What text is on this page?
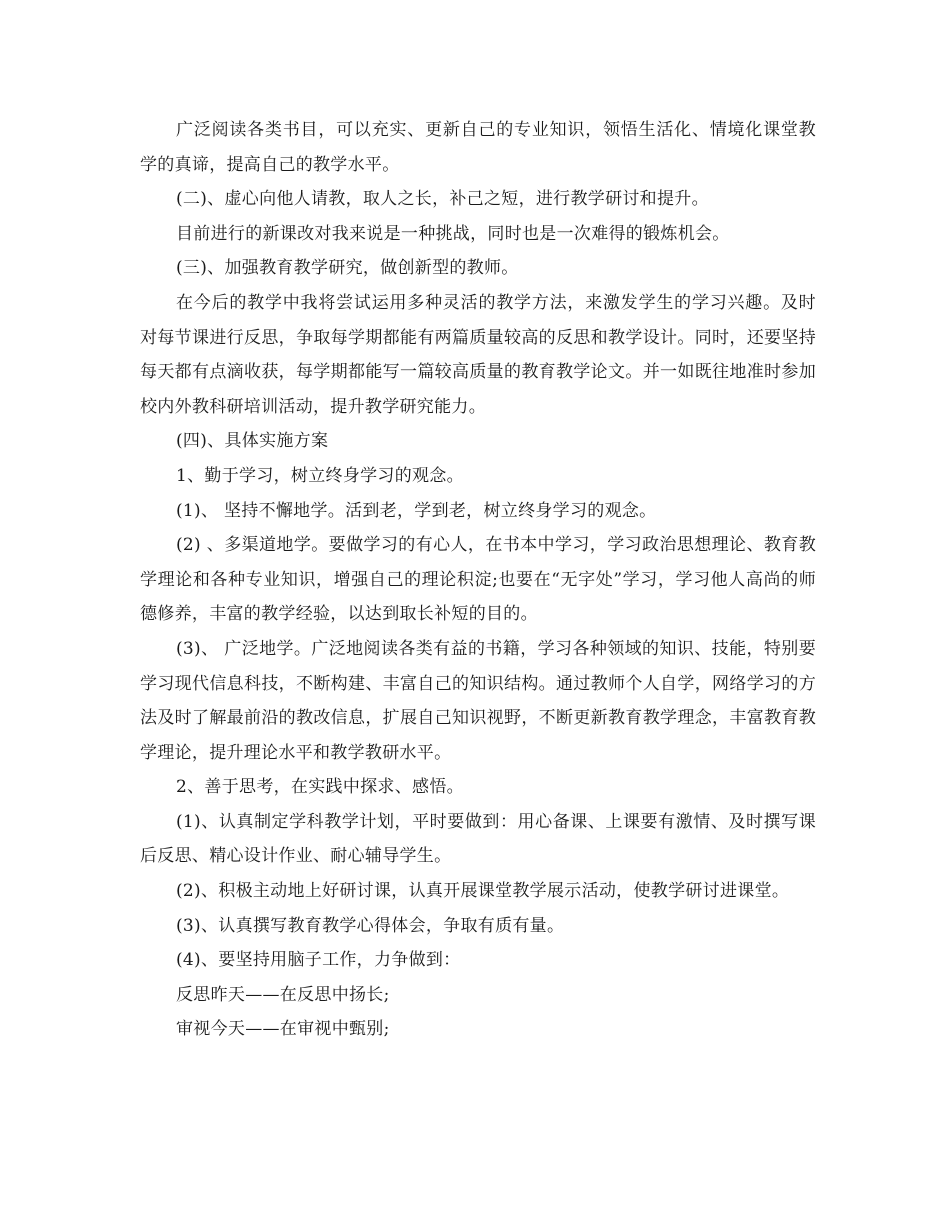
广泛阅读各类书目，可以充实、更新自己的专业知识，领悟生活化、情境化课堂教学的真谛，提高自己的教学水平。

(二)、虚心向他人请教，取人之长，补己之短，进行教学研讨和提升。

目前进行的新课改对我来说是一种挑战，同时也是一次难得的锻炼机会。

(三)、加强教育教学研究，做创新型的教师。

在今后的教学中我将尝试运用多种灵活的教学方法，来激发学生的学习兴趣。及时对每节课进行反思，争取每学期都能有两篇质量较高的反思和教学设计。同时，还要坚持每天都有点滴收获，每学期都能写一篇较高质量的教育教学论文。并一如既往地准时参加校内外教科研培训活动，提升教学研究能力。

(四)、具体实施方案

1、勤于学习，树立终身学习的观念。

(1)、 坚持不懈地学。活到老，学到老，树立终身学习的观念。

(2) 、多渠道地学。要做学习的有心人，在书本中学习，学习政治思想理论、教育教学理论和各种专业知识，增强自己的理论积淀;也要在“无字处”学习，学习他人高尚的师德修养，丰富的教学经验，以达到取长补短的目的。

(3)、 广泛地学。广泛地阅读各类有益的书籍，学习各种领域的知识、技能，特别要学习现代信息科技，不断构建、丰富自己的知识结构。通过教师个人自学，网络学习的方法及时了解最前沿的教改信息，扩展自己知识视野，不断更新教育教学理念，丰富教育教学理论，提升理论水平和教学教研水平。

2、善于思考，在实践中探求、感悟。

(1)、认真制定学科教学计划，平时要做到：用心备课、上课要有激情、及时撰写课后反思、精心设计作业、耐心辅导学生。

(2)、积极主动地上好研讨课，认真开展课堂教学展示活动，使教学研讨进课堂。

(3)、认真撰写教育教学心得体会，争取有质有量。

(4)、要坚持用脑子工作，力争做到：

反思昨天——在反思中扬长;

审视今天——在审视中甄别;
